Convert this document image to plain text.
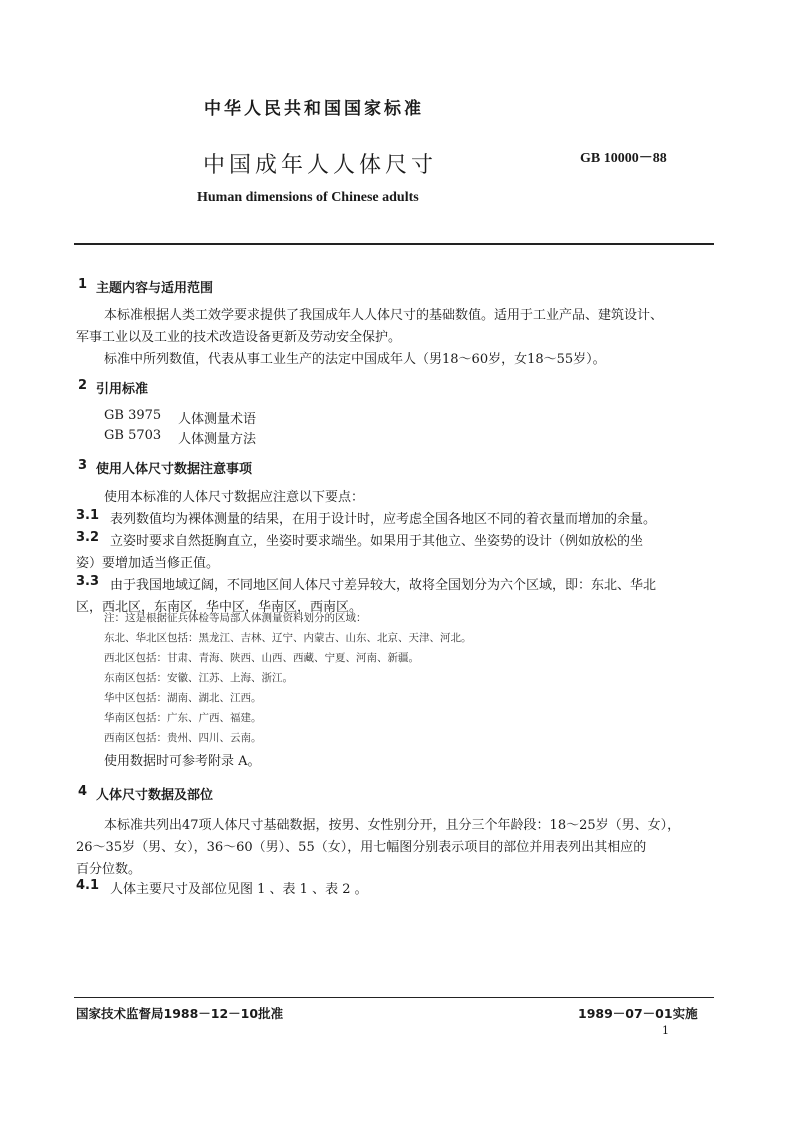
中华人民共和国国家标准
中国成年人人体尺寸	GB 10000－88
Human dimensions of Chinese adults
1 主题内容与适用范围
本标准根据人类工效学要求提供了我国成年人人体尺寸的基础数值。适用于工业产品、建筑设计、
军事工业以及工业的技术改造设备更新及劳动安全保护。
标准中所列数值，代表从事工业生产的法定中国成年人（男18～60岁，女18～55岁）。
2 引用标准
GB 3975 人体测量术语
GB 5703 人体测量方法
3 使用人体尺寸数据注意事项
使用本标准的人体尺寸数据应注意以下要点：
3.1 表列数值均为裸体测量的结果，在用于设计时，应考虑全国各地区不同的着衣量而增加的余量。
3.2 立姿时要求自然挺胸直立，坐姿时要求端坐。如果用于其他立、坐姿势的设计（例如放松的坐
姿）要增加适当修正值。
3.3 由于我国地域辽阔，不同地区间人体尺寸差异较大，故将全国划分为六个区域，即：东北、华北
区，西北区，东南区，华中区，华南区，西南区。
注：这是根据征兵体检等局部人体测量资料划分的区域：
东北、华北区包括：黑龙江、吉林、辽宁、内蒙古、山东、北京、天津、河北。
西北区包括：甘肃、青海、陕西、山西、西藏、宁夏、河南、新疆。
东南区包括：安徽、江苏、上海、浙江。
华中区包括：湖南、湖北、江西。
华南区包括：广东、广西、福建。
西南区包括：贵州、四川、云南。
使用数据时可参考附录 A。
4 人体尺寸数据及部位
本标准共列出47项人体尺寸基础数据，按男、女性别分开，且分三个年龄段：18～25岁（男、女），
26～35岁（男、女），36～60（男）、55（女），用七幅图分别表示项目的部位并用表列出其相应的
百分位数。
4.1 人体主要尺寸及部位见图 1 、表 1 、表 2 。
国家技术监督局1988－12－10批准	1989－07－01实施
1
